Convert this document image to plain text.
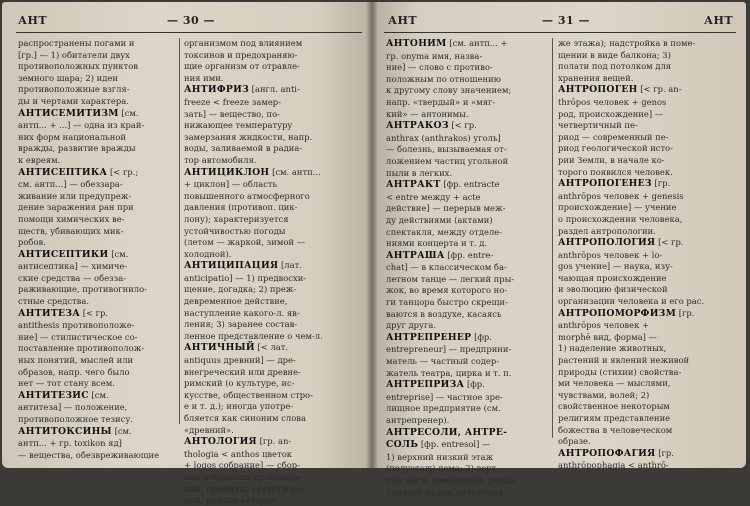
АНТ	— 30 —

распространены погами и

[гр.] — 1) обитатели двух

противоположных пунктов

земного шара; 2) идеи

противоположные взгля-

ды и чертами характера.

АНТИСЕМИТИЗМ [см.

антп... + ...] — одна из край-

них форм национальной

вражды, развитие вражды

к евреям.

АНТИСЕПТИКА [< гр.;

см. антп...] — обеззара-

живание или предупреж-

дение заражения ран при

помощи химических ве-

ществ, убивающих мик-

робов.

АНТИСЕПТИКИ [см.

антисептика] — химиче-

ские средства — обезза-

раживающие, противогнило-

стные средства.

АНТИТЕЗА [< гр.

antithesis противоположе-

ние] — стилистическое со-

поставление противополож-

ных понятий, мыслей или

образов, напр. чего было

нет — тот стану всем.

АНТИТЕЗИС [см.

антитеза] — положение,

противоположное тезису.

АНТИТОКСИНЫ [см.

антп... + гр. toxikon яд]

— вещества, обезвреживающие

организмом под влиянием

токсинов и предохраняю-

щие организм от отравле-

ния ими.

АНТИФРИЗ [англ. anti-

freeze < freeze замер-

зать] — вещество, по-

нижающее температуру

замерзания жидкости, напр.

воды, заливаемой в радиа-

тор автомобиля.

АНТИЦИКЛОН [см. антп...

+ циклон] — область

повышенного атмосферного

давления (противоп. цик-

лону); характеризуется

устойчивостью погоды

(летом — жаркой, зимой —

холодной).

АНТИЦИПАЦИЯ [лат.

anticipatio] — 1) предвосхи-

щение, догадка; 2) преж-

девременное действие,

наступление какого-л. яв-

ления; 3) заранее состав-

ленное представление о чем-л.

АНТИЧНЫЙ [< лат.

antiquus древний] — дре-

внегреческий или древне-

римский (о культуре, ис-

кусстве, общественном стро-

е и т. д.); иногда употре-

бляется как синоним слова

«древний».

АНТОЛОГИЯ [гр. an-

thologia < anthos цветок

+ logos собрание] — сбор-

ник избранных произведе-

ний, преимущ. стихотворе-

ний, разных авторов

АНТ	— 31 —	АНТ

АНТОНИМ [см. антп... +

гр. onyma имя, назва-

ние] — слово с противо-

положным по отношению

к другому слову значением;

напр. «твердый» и «мяг-

кий» — антонимы.

АНТРАКОЗ [< гр.

anthrax (anthrakos) уголь]

— болезнь, вызываемая от-

ложением частиц угольной

пыли в легких.

АНТРАКТ [фр. entracte

< entre между + acte

действие] — перерыв меж-

ду действиями (актами)

спектакля, между отделе-

ниями концерта и т. д.

АНТРАША [фр. entre-

chat] — в классическом ба-

летном танце — легкий пры-

жок, во время которого но-

ги танцора быстро скрещи-

ваются в воздухе, касаясь

друг друга.

АНТРЕПРЕНЕР [фр.

entrepreneur] — предприни-

матель — частный содер-

жатель театра, цирка и т. п.

АНТРЕПРИЗА [фр.

entreprise] — частное зре-

лищное предприятие (см.

антрепренер).

АНТРЕСОЛИ, АНТРЕ-

СОЛЬ [фр. entresol] —

1) верхний низкий этаж

(полуэтаж) дома; 2) верх-

няя часть помещения, разде-

ленного на два полуэтажа

же этажа); надстройка в поме-

щении в виде балкона; 3)

полати под потолком для

хранения вещей.

АНТРОПОГЕН [< гр. an-

thrōpos человек + genos

род, происхождение] —

четвертичный пе-

риод — современный пе-

риод геологической исто-

рии Земли, в начале ко-

торого появился человек.

АНТРОПОГЕНЕЗ [гр.

anthrōpos человек + genesis

происхождение] — учение

о происхождении человека,

раздел антропологии.

АНТРОПОЛОГИЯ [< гр.

anthrōpos человек + lo-

gos учение] — наука, изу-

чающая происхождение

и эволюцию физической

организации человека и его рас.

АНТРОПОМОРФИЗМ [гр.

anthrōpos человек +

morphē вид, форма] —

1) наделение животных,

растений и явлений неживой

природы (стихии) свойства-

ми человека — мыслями,

чувствами, волей; 2)

свойственное некоторым

религиям представление

божества в человеческом

образе.

АНТРОПОФАГИЯ [гр.

anthrōpophagia < anthrō-
